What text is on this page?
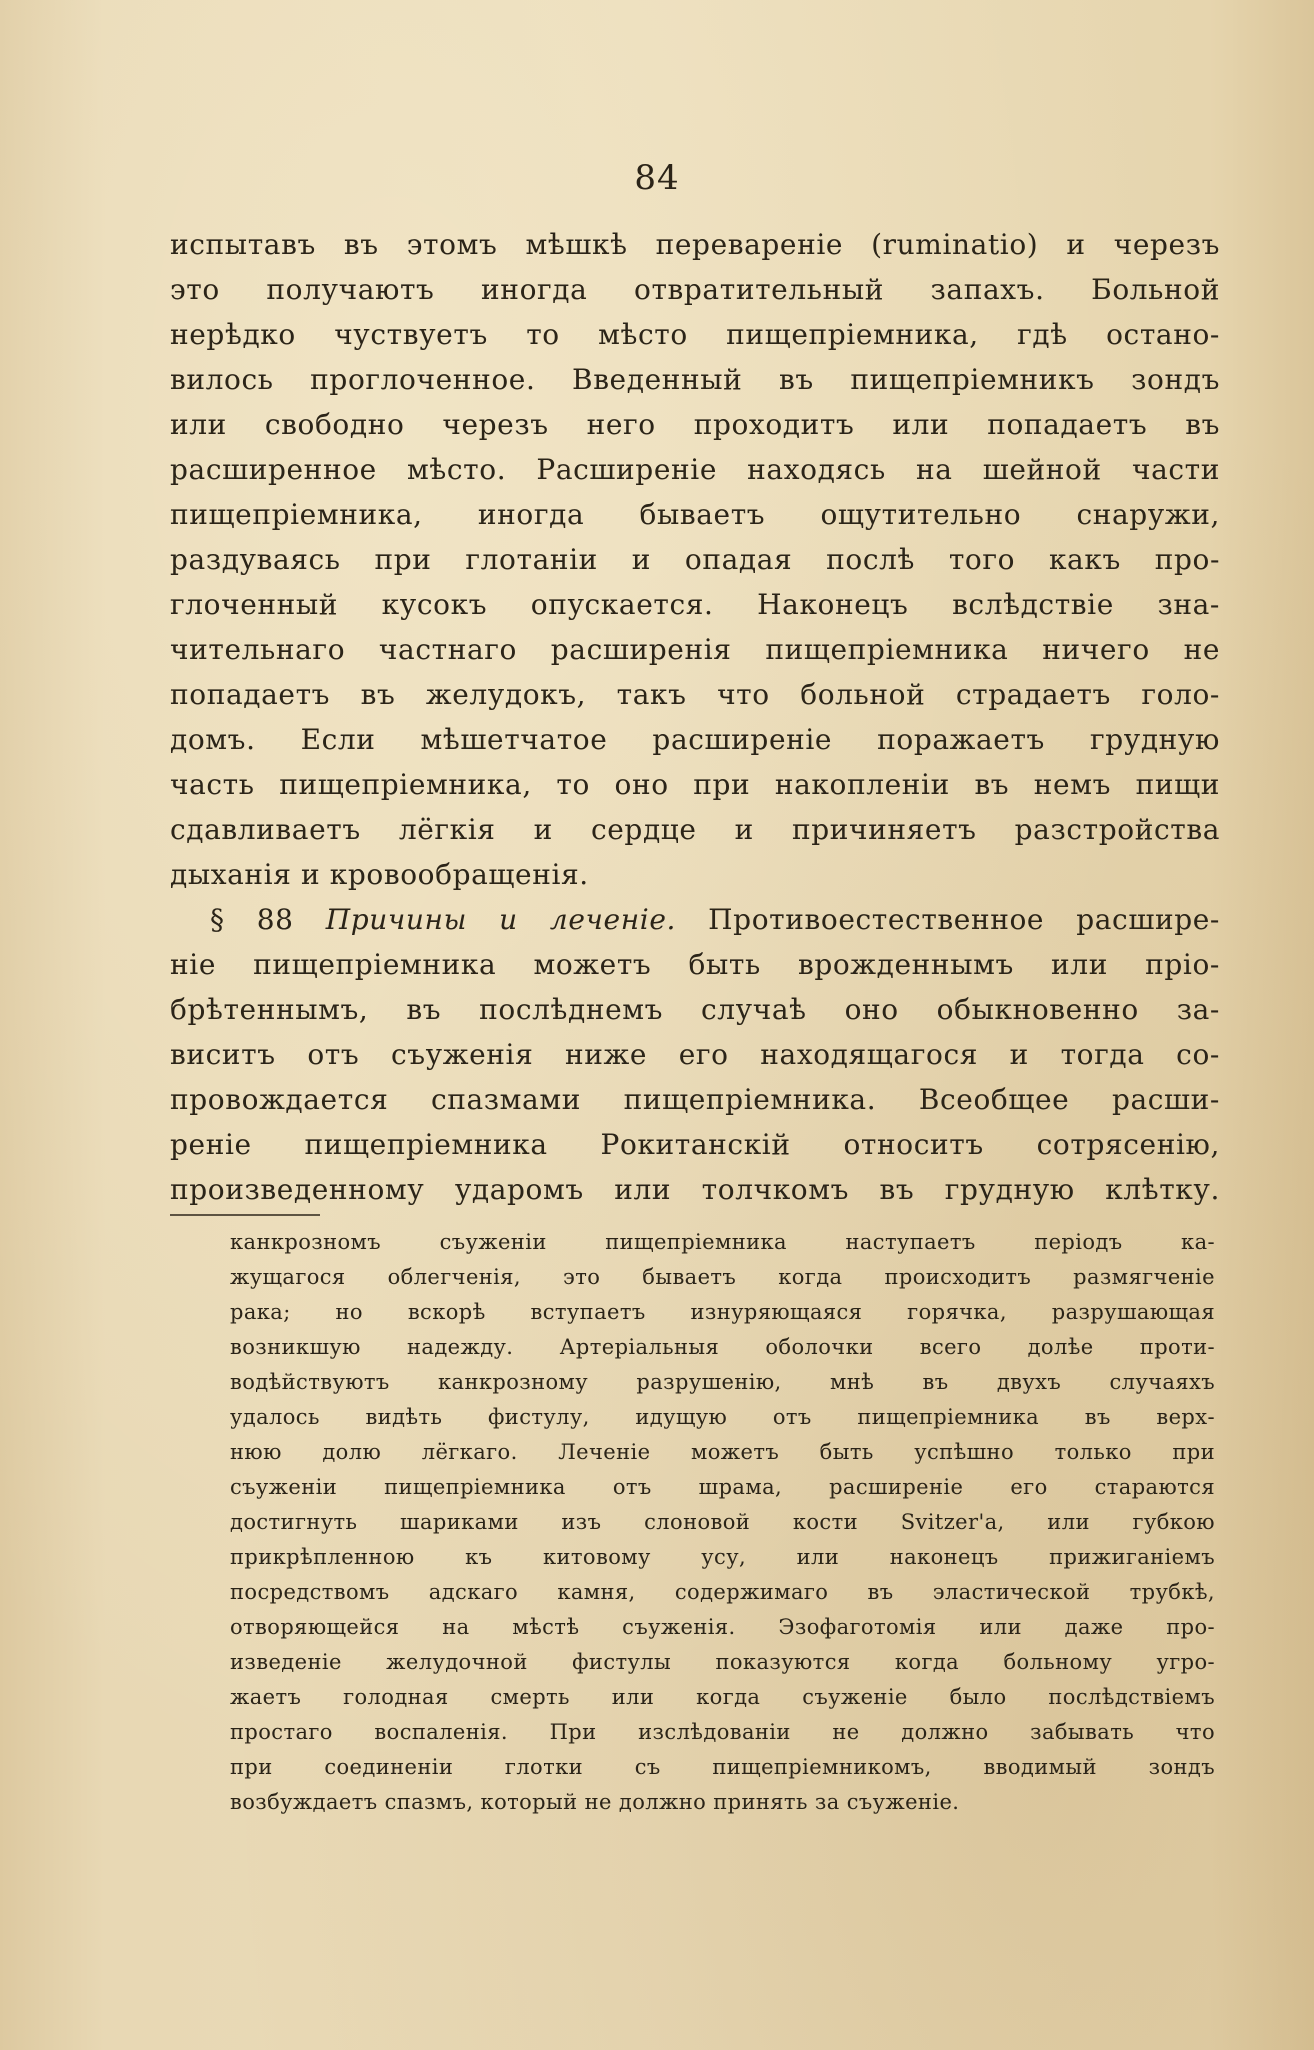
84
испытавъ въ этомъ мѣшкѣ переваренiе (ruminatio) и черезъ
это получаютъ иногда отвратительный запахъ. Больной
нерѣдко чуствуетъ то мѣсто пищепрiемника, гдѣ остано-
вилось проглоченное. Введенный въ пищепрiемникъ зондъ
или свободно черезъ него проходитъ или попадаетъ въ
расширенное мѣсто. Расширенiе находясь на шейной части
пищепрiемника, иногда бываетъ ощутительно снаружи,
раздуваясь при глотанiи и опадая послѣ того какъ про-
глоченный кусокъ опускается. Наконецъ вслѣдствiе зна-
чительнаго частнаго расширенiя пищепрiемника ничего не
попадаетъ въ желудокъ, такъ что больной страдаетъ голо-
домъ. Если мѣшетчатое расширенiе поражаетъ грудную
часть пищепрiемника, то оно при накопленiи въ немъ пищи
сдавливаетъ лёгкiя и сердце и причиняетъ разстройства
дыханiя и кровообращенiя.
§ 88 Причины и леченiе. Противоестественное расшире-
нiе пищепрiемника можетъ быть врожденнымъ или прiо-
брѣтеннымъ, въ послѣднемъ случаѣ оно обыкновенно за-
виситъ отъ съуженiя ниже его находящагося и тогда со-
провождается спазмами пищепрiемника. Всеобщее расши-
ренiе пищепрiемника Рокитанскiй относитъ сотрясенiю,
произведенному ударомъ или толчкомъ въ грудную клѣтку.
канкрозномъ съуженiи пищепрiемника наступаетъ перiодъ ка-
жущагося облегченiя, это бываетъ когда происходитъ размягченiе
рака; но вскорѣ вступаетъ изнуряющаяся горячка, разрушающая
возникшую надежду. Артерiальныя оболочки всего долѣе проти-
водѣйствуютъ канкрозному разрушенiю, мнѣ въ двухъ случаяхъ
удалось видѣть фистулу, идущую отъ пищепрiемника въ верх-
нюю долю лёгкаго. Леченiе можетъ быть успѣшно только при
съуженiи пищепрiемника отъ шрама, расширенiе его стараются
достигнуть шариками изъ слоновой кости Svitzer'а, или губкою
прикрѣпленною къ китовому усу, или наконецъ прижиганiемъ
посредствомъ адскаго камня, содержимаго въ эластической трубкѣ,
отворяющейся на мѣстѣ съуженiя. Эзофаготомiя или даже про-
изведенiе желудочной фистулы показуются когда больному угро-
жаетъ голодная смерть или когда съуженiе было послѣдствiемъ
простаго воспаленiя. При изслѣдованiи не должно забывать что
при соединенiи глотки съ пищепрiемникомъ, вводимый зондъ
возбуждаетъ спазмъ, который не должно принять за съуженiе.
